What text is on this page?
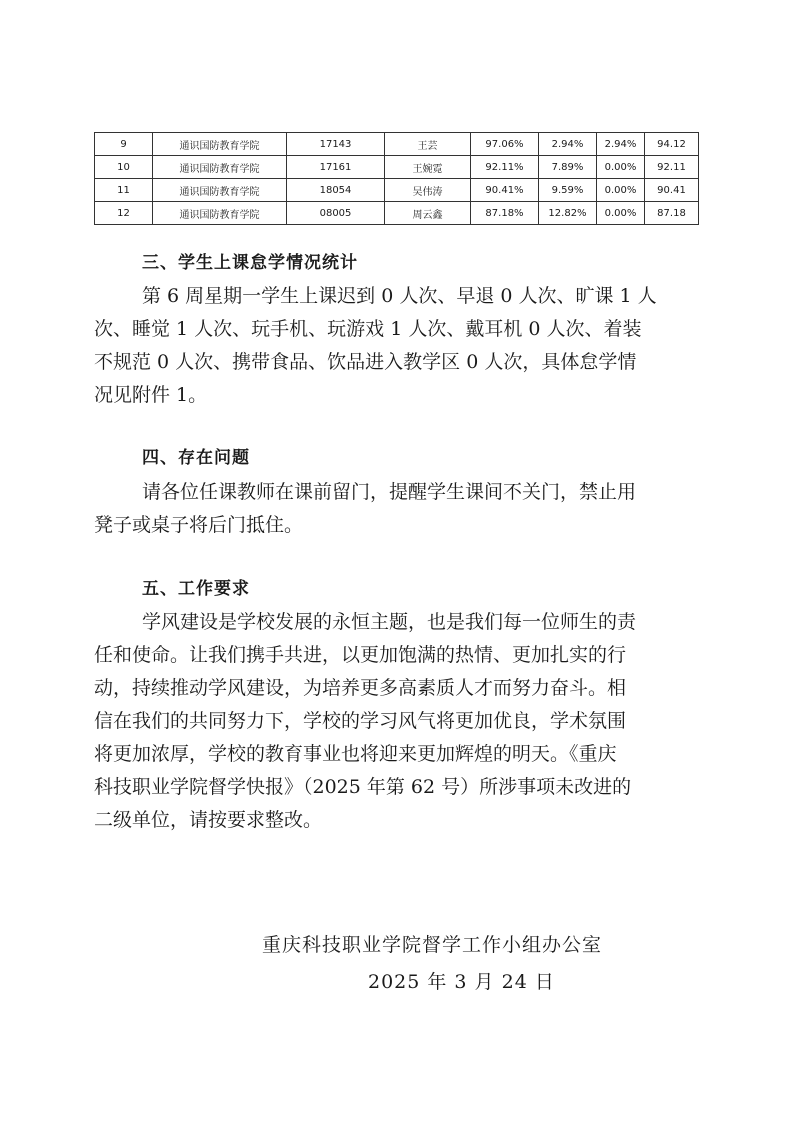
9	通识国防教育学院	17143	王芸	97.06%	2.94%	2.94%	94.12
10	通识国防教育学院	17161	王婉霓	92.11%	7.89%	0.00%	92.11
11	通识国防教育学院	18054	吴伟涛	90.41%	9.59%	0.00%	90.41
12	通识国防教育学院	08005	周云鑫	87.18%	12.82%	0.00%	87.18
三、学生上课怠学情况统计
第 6 周星期一学生上课迟到 0 人次、早退 0 人次、旷课 1 人
次、睡觉 1 人次、玩手机、玩游戏 1 人次、戴耳机 0 人次、着装
不规范 0 人次、携带食品、饮品进入教学区 0 人次，具体怠学情
况见附件 1。
四、存在问题
请各位任课教师在课前留门，提醒学生课间不关门，禁止用
凳子或桌子将后门抵住。
五、工作要求
学风建设是学校发展的永恒主题，也是我们每一位师生的责
任和使命。让我们携手共进，以更加饱满的热情、更加扎实的行
动，持续推动学风建设，为培养更多高素质人才而努力奋斗。相
信在我们的共同努力下，学校的学习风气将更加优良，学术氛围
将更加浓厚，学校的教育事业也将迎来更加辉煌的明天。《重庆
科技职业学院督学快报》（2025 年第 62 号）所涉事项未改进的
二级单位，请按要求整改。
重庆科技职业学院督学工作小组办公室
2025 年 3 月 24 日
